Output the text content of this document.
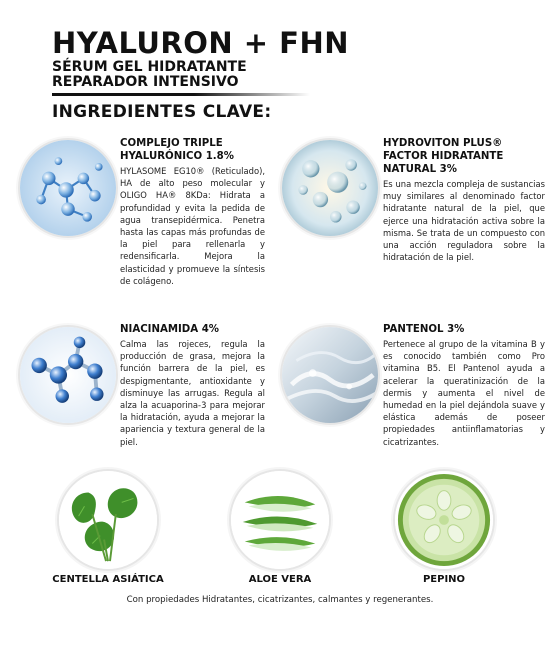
HYALURON + FHN
SÉRUM GEL HIDRATANTE REPARADOR INTENSIVO
INGREDIENTES CLAVE:
COMPLEJO TRIPLE HYALURÓNICO 1.8%

HYLASOME EG10® (Reticulado), HA de alto peso molecular y OLIGO HA® 8KDa: Hidrata a profundidad y evita la pedida de agua transepidérmica. Penetra hasta las capas más profundas de la piel para rellenarla y redensificarla. Mejora la elasticidad y promueve la síntesis de colágeno.

HYDROVITON PLUS® FACTOR HIDRATANTE NATURAL 3%

Es una mezcla compleja de sustancias muy similares al denominado factor hidratante natural de la piel, que ejerce una hidratación activa sobre la misma. Se trata de un compuesto con una acción reguladora sobre la hidratación de la piel.

NIACINAMIDA 4%

Calma las rojeces, regula la producción de grasa, mejora la función barrera de la piel, es despigmentante, antioxidante y disminuye las arrugas. Regula al alza la acuaporina-3 para mejorar la hidratación, ayuda a mejorar la apariencia y textura general de la piel.

PANTENOL 3%

Pertenece al grupo de la vitamina B y es conocido también como Pro vitamina B5. El Pantenol ayuda a acelerar la queratinización de la dermis y aumenta el nivel de humedad en la piel dejándola suave y elástica además de poseer propiedades antiinflamatorias y cicatrizantes.

CENTELLA ASIÁTICA	ALOE VERA	PEPINO
Con propiedades Hidratantes, cicatrizantes, calmantes y regenerantes.
